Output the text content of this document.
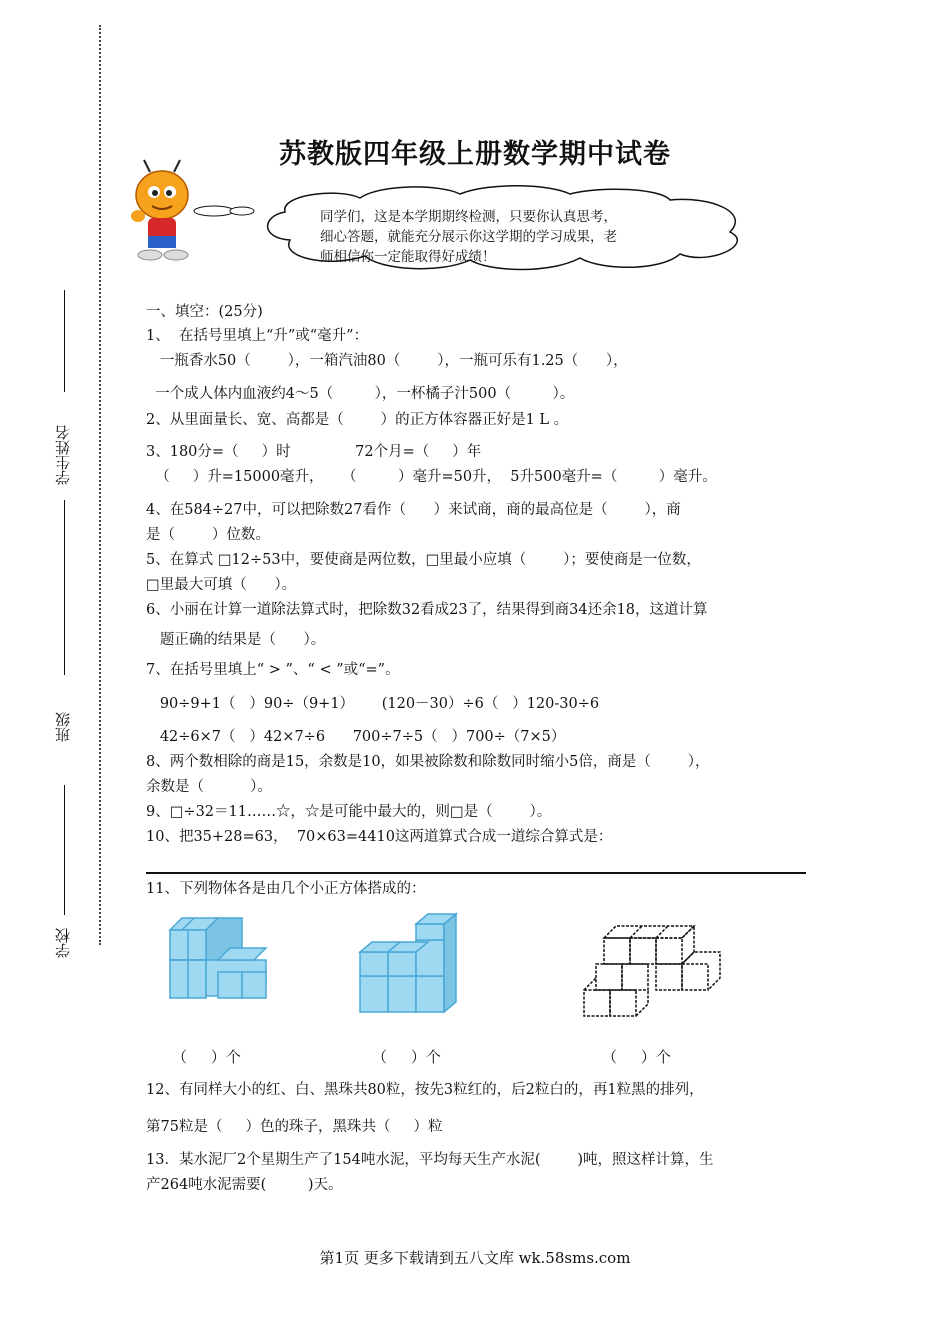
学生姓名
班级
学校
苏教版四年级上册数学期中试卷
同学们，这是本学期期终检测，只要你认真思考，
细心答题，就能充分展示你这学期的学习成果，老
师相信你一定能取得好成绩！
一、填空：(25分)
1、  在括号里填上“升”或“毫升”：
一瓶香水50（        ），一箱汽油80（        ），一瓶可乐有1.25（      ），
一个成人体内血液约4～5（         ），一杯橘子汁500（         ）。
2、从里面量长、宽、高都是（        ）的正方体容器正好是1 L 。
3、180分=（     ）时              72个月=（     ）年
（     ）升=15000毫升，    （         ）毫升=50升，  5升500毫升=（         ）毫升。
4、在584÷27中，可以把除数27看作（      ）来试商，商的最高位是（        ），商
是（        ）位数。
5、在算式 □12÷53中，要使商是两位数，□里最小应填（        ）；要使商是一位数，
□里最大可填（      ）。
6、小丽在计算一道除法算式时，把除数32看成23了，结果得到商34还余18，这道计算
题正确的结果是（      ）。
7、在括号里填上“ > ”、“ < ”或“=”。
90÷9+1（   ）90÷（9+1）      (120－30）÷6（   ）120-30÷6
42÷6×7（   ）42×7÷6      700÷7÷5（   ）700÷（7×5）
8、两个数相除的商是15，余数是10，如果被除数和除数同时缩小5倍，商是（        ），
余数是（          ）。
9、□÷32＝11……☆，☆是可能中最大的，则□是（        ）。
10、把35+28=63，  70×63=4410这两道算式合成一道综合算式是：
11、下列物体各是由几个小正方体搭成的：
（     ）个	（     ）个	（     ）个
12、有同样大小的红、白、黑珠共80粒，按先3粒红的，后2粒白的，再1粒黑的排列，
第75粒是（     ）色的珠子，黑珠共（     ）粒
13．某水泥厂2个星期生产了154吨水泥，平均每天生产水泥(        )吨，照这样计算，生
产264吨水泥需要(         )天。
第1页 更多下载请到五八文库 wk.58sms.com
